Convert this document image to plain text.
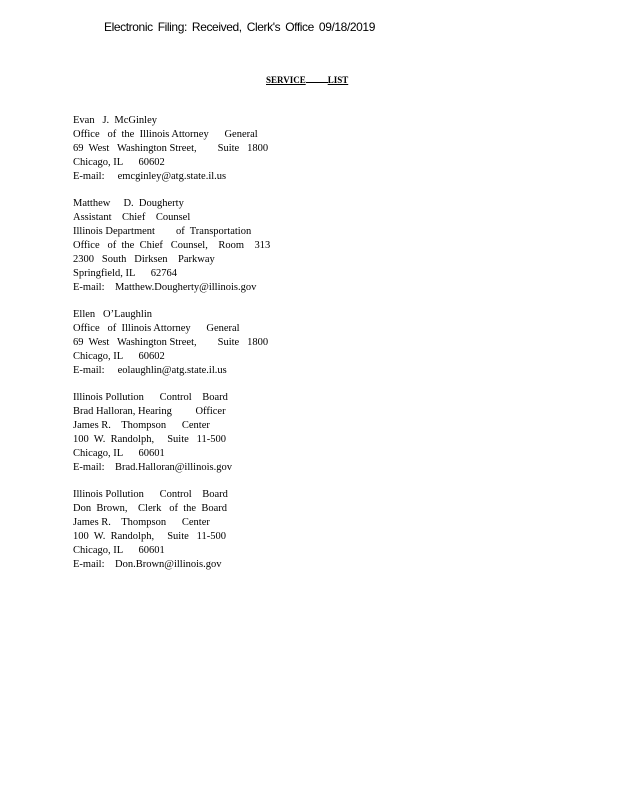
Electronic Filing: Received, Clerk's Office 09/18/2019
SERVICE LIST
Evan   J.  McGinley
Office   of  the  Illinois Attorney      General
69  West   Washington Street,        Suite   1800
Chicago, IL      60602
E-mail:     emcginley@atg.state.il.us
Matthew     D.  Dougherty
Assistant    Chief    Counsel
Illinois Department        of  Transportation
Office   of  the  Chief   Counsel,    Room    313
2300   South   Dirksen    Parkway
Springfield, IL      62764
E-mail:    Matthew.Dougherty@illinois.gov
Ellen   O’Laughlin
Office   of  Illinois Attorney      General
69  West   Washington Street,        Suite   1800
Chicago, IL      60602
E-mail:     eolaughlin@atg.state.il.us
Illinois Pollution      Control    Board
Brad Halloran, Hearing         Officer
James R.    Thompson      Center
100  W.  Randolph,     Suite   11-500
Chicago, IL      60601
E-mail:    Brad.Halloran@illinois.gov
Illinois Pollution      Control    Board
Don  Brown,    Clerk   of  the  Board
James R.    Thompson      Center
100  W.  Randolph,     Suite   11-500
Chicago, IL      60601
E-mail:    Don.Brown@illinois.gov
